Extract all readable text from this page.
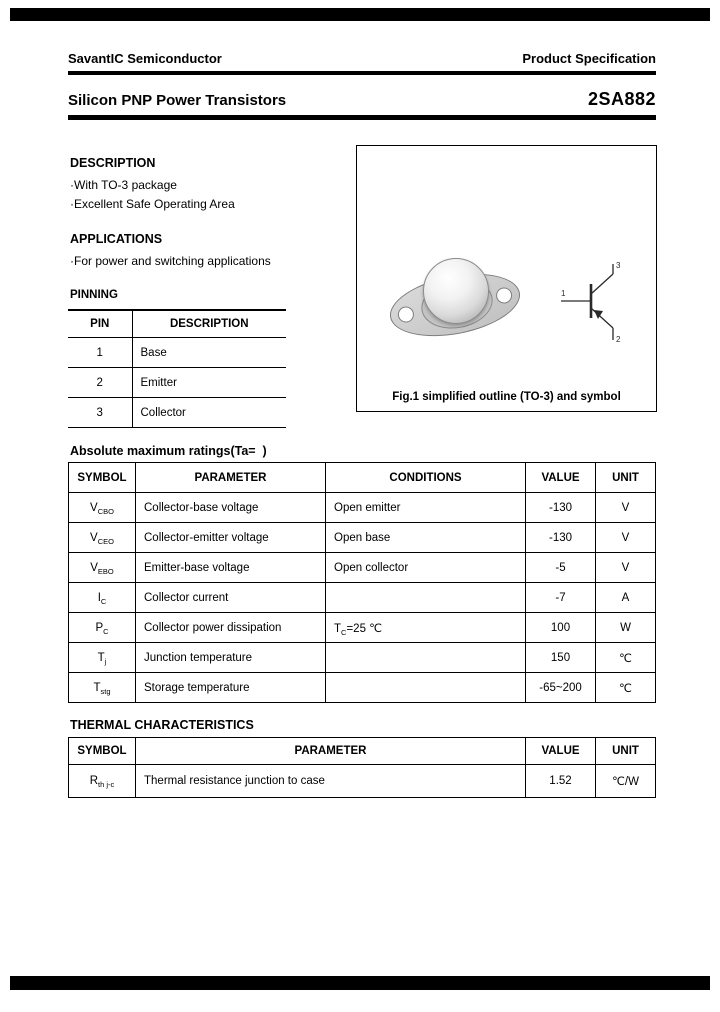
SavantIC Semiconductor	Product Specification
Silicon PNP Power Transistors	2SA882
DESCRIPTION
·With TO-3 package
·Excellent Safe Operating Area
APPLICATIONS
·For power and switching applications
PINNING
PIN	DESCRIPTION
1	Base
2	Emitter
3	Collector
3
1
2
Fig.1 simplified outline (TO-3) and symbol
Absolute maximum ratings(Ta=  )
SYMBOL	PARAMETER	CONDITIONS	VALUE	UNIT
$V_{CBO}$	Collector-base voltage	Open emitter	-130	V
$V_{CEO}$	Collector-emitter voltage	Open base	-130	V
$V_{EBO}$	Emitter-base voltage	Open collector	-5	V
$I_C$	Collector current		-7	A
$P_C$	Collector power dissipation	$T_C=25$ ℃	100	W
$T_j$	Junction temperature		150	℃
$T_{stg}$	Storage temperature		-65~200	℃
THERMAL CHARACTERISTICS
SYMBOL	PARAMETER	VALUE	UNIT
$R_{th j-c}$	Thermal resistance junction to case	1.52	℃/W
